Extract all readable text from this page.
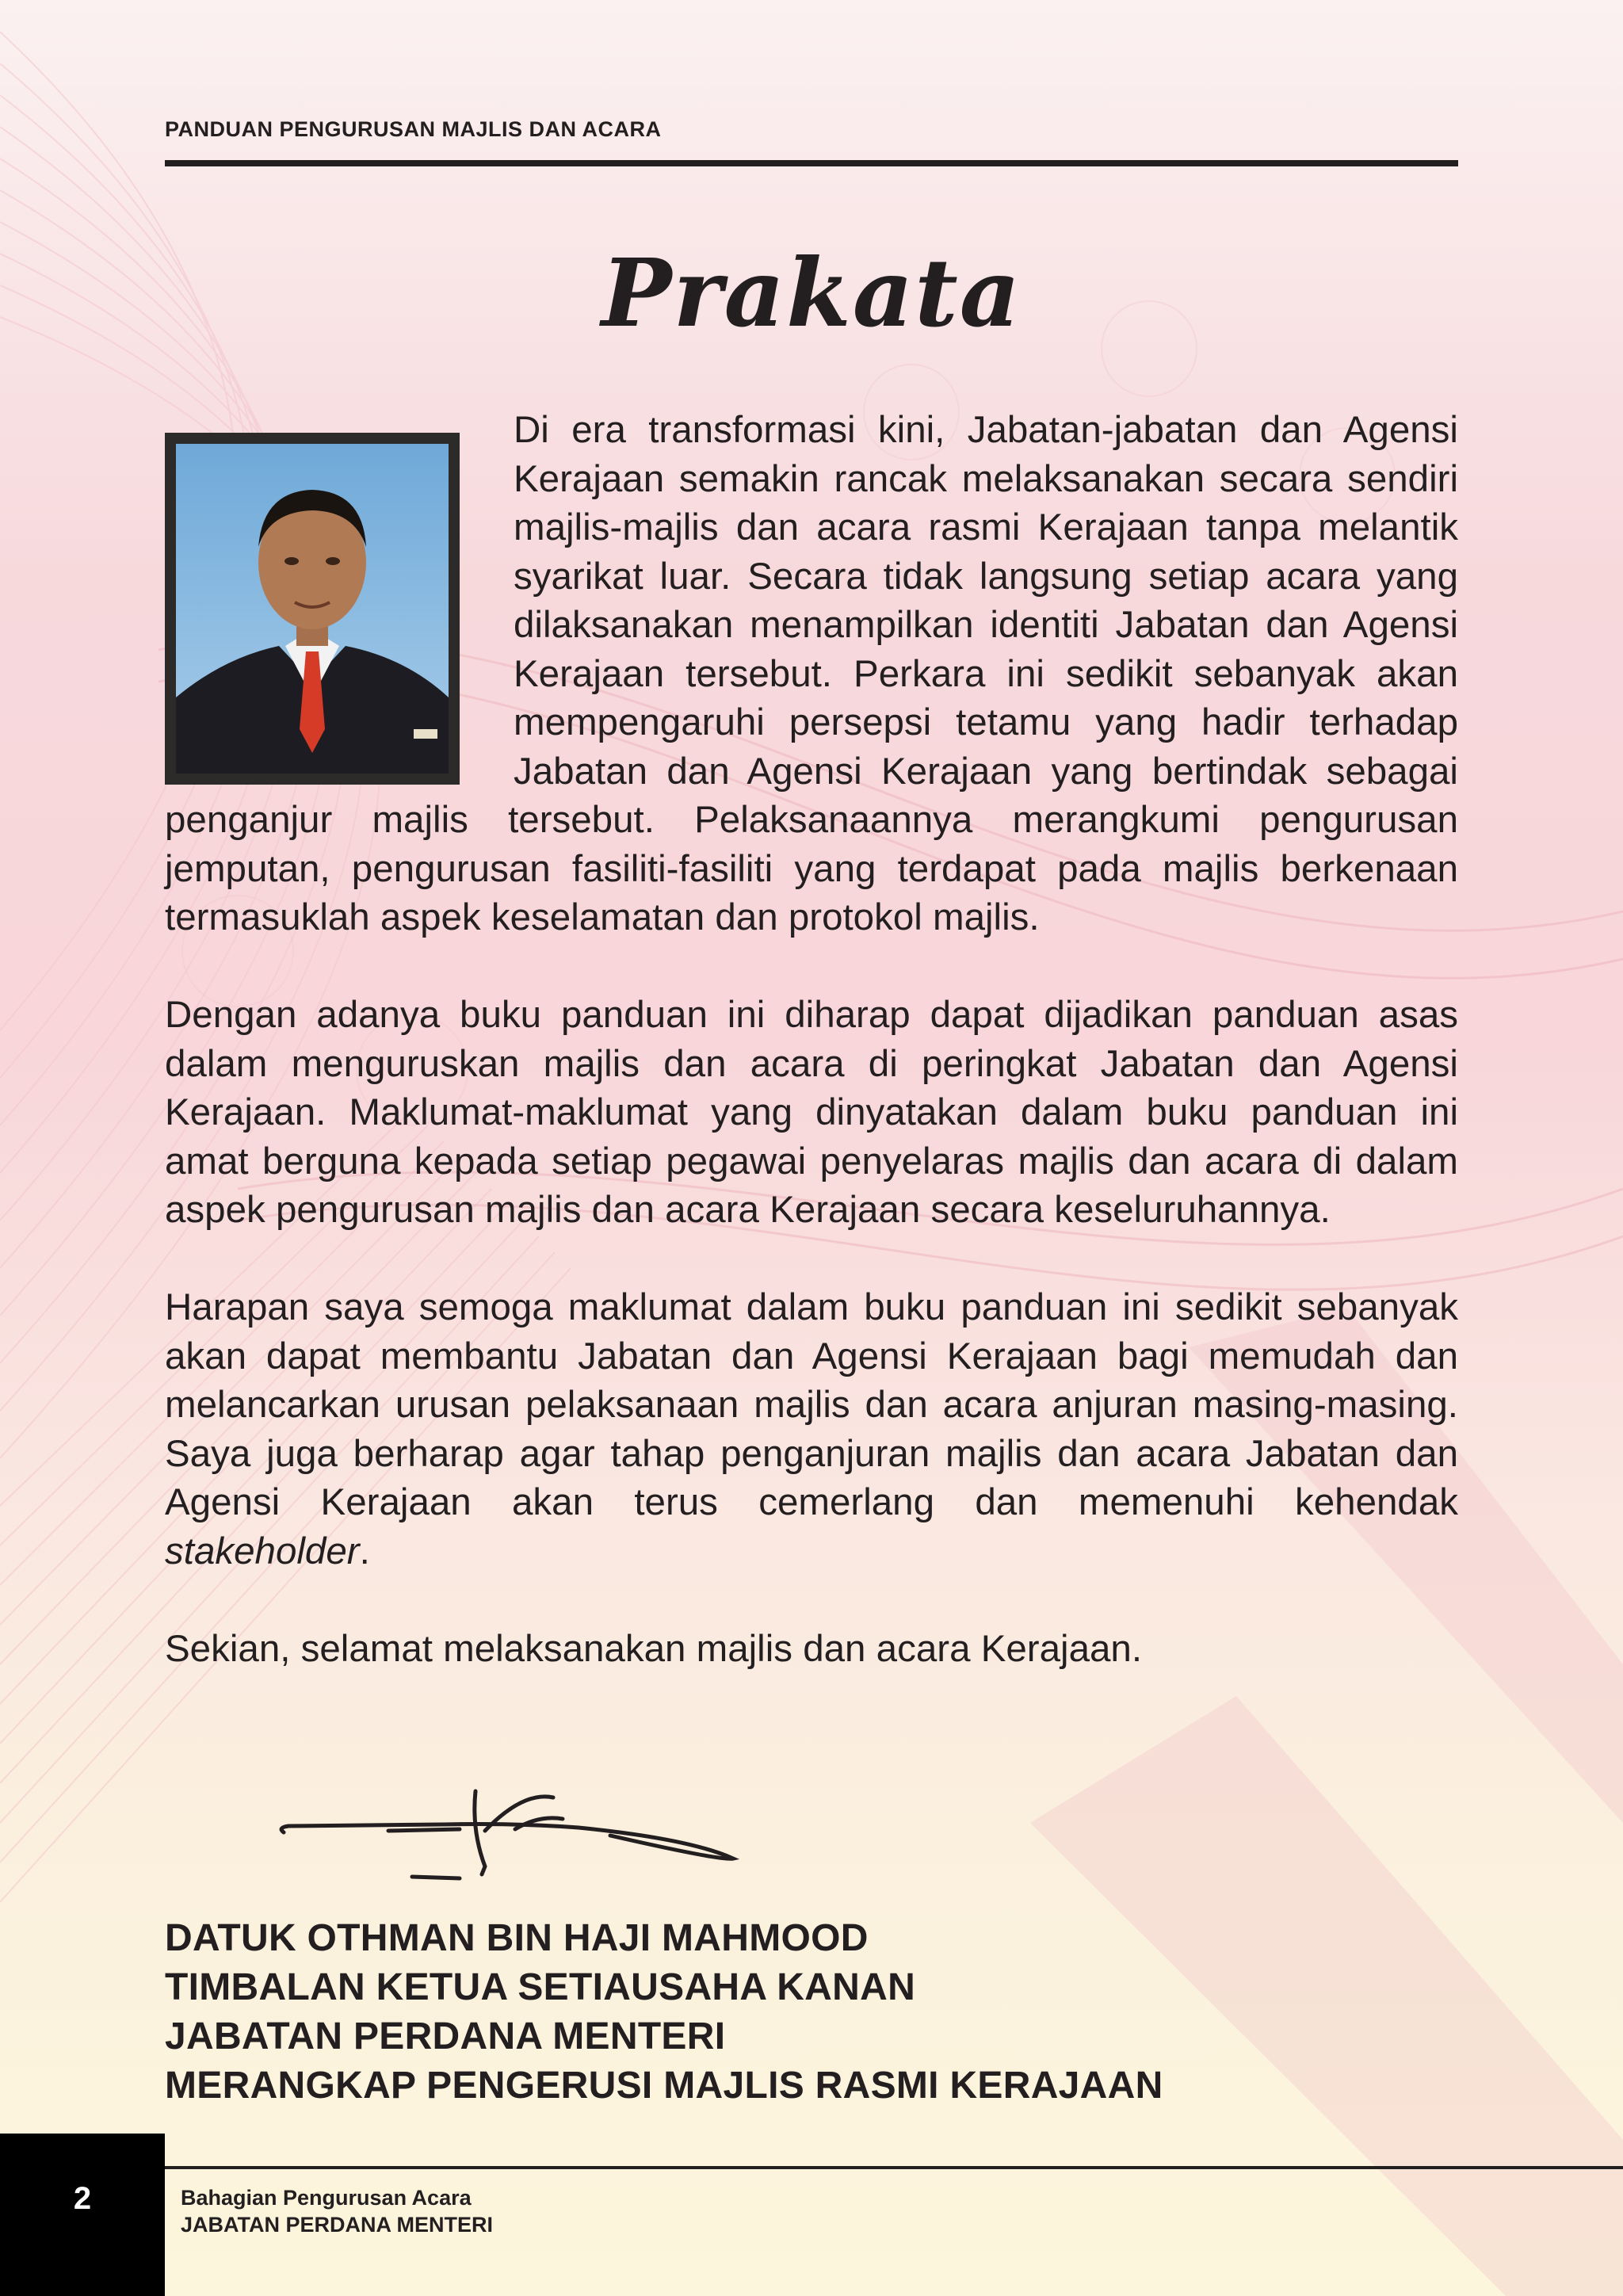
PANDUAN PENGURUSAN MAJLIS DAN ACARA
Prakata

Di era transformasi kini, Jabatan-jabatan dan Agensi Kerajaan semakin rancak melaksanakan secara sendiri majlis-majlis dan acara rasmi Kerajaan tanpa melantik syarikat luar. Secara tidak langsung setiap acara yang dilaksanakan menampilkan identiti Jabatan dan Agensi Kerajaan tersebut. Perkara ini sedikit sebanyak akan mempengaruhi persepsi tetamu yang hadir terhadap Jabatan dan Agensi Kerajaan yang bertindak sebagai penganjur majlis tersebut. Pelaksanaannya merangkumi pengurusan jemputan, pengurusan fasiliti-fasiliti yang terdapat pada majlis berkenaan termasuklah aspek keselamatan dan protokol majlis.

Dengan adanya buku panduan ini diharap dapat dijadikan panduan asas dalam menguruskan majlis dan acara di peringkat Jabatan dan Agensi Kerajaan. Maklumat-maklumat yang dinyatakan dalam buku panduan ini amat berguna kepada setiap pegawai penyelaras majlis dan acara di dalam aspek pengurusan majlis dan acara Kerajaan secara keseluruhannya.

Harapan saya semoga maklumat dalam buku panduan ini sedikit sebanyak akan dapat membantu Jabatan dan Agensi Kerajaan bagi memudah dan melancarkan urusan pelaksanaan majlis dan acara anjuran masing-masing. Saya juga berharap agar tahap penganjuran majlis dan acara Jabatan dan Agensi Kerajaan akan terus cemerlang dan memenuhi kehendak stakeholder.

Sekian, selamat melaksanakan majlis dan acara Kerajaan.

DATUK OTHMAN BIN HAJI MAHMOOD
TIMBALAN KETUA SETIAUSAHA KANAN
JABATAN PERDANA MENTERI
MERANGKAP PENGERUSI MAJLIS RASMI KERAJAAN
2	Bahagian Pengurusan Acara
JABATAN PERDANA MENTERI
